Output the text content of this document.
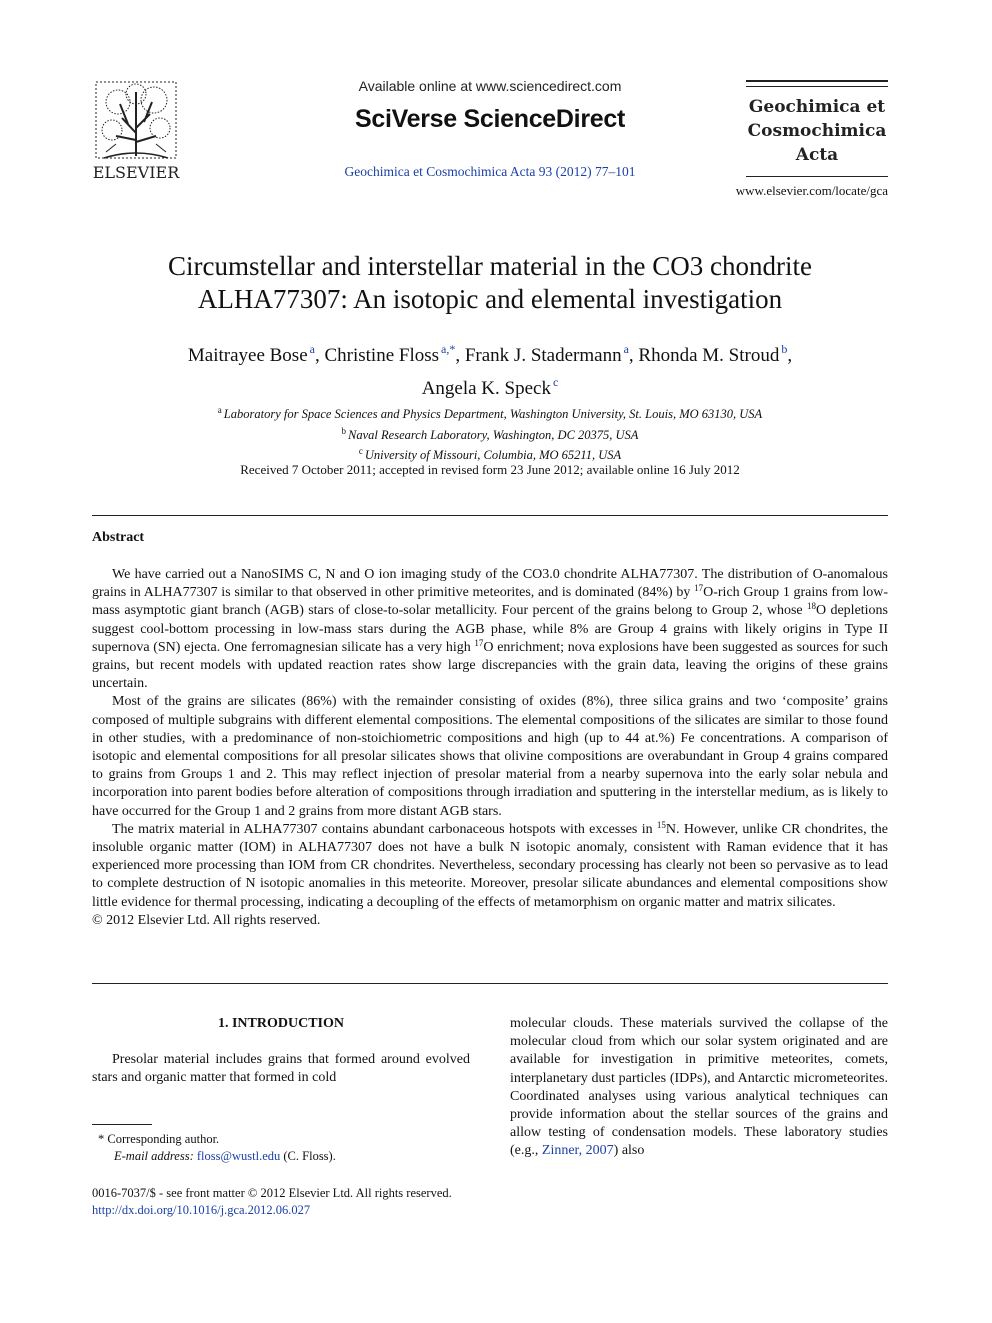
ELSEVIER
Available online at www.sciencedirect.com
SciVerse ScienceDirect
Geochimica et Cosmochimica Acta 93 (2012) 77–101
Geochimica et
Cosmochimica
Acta
www.elsevier.com/locate/gca
Circumstellar and interstellar material in the CO3 chondrite
ALHA77307: An isotopic and elemental investigation
Maitrayee Bose $^a$, Christine Floss $^{a,*}$, Frank J. Stadermann $^a$, Rhonda M. Stroud $^b$,
Angela K. Speck $^c$
$^a$ Laboratory for Space Sciences and Physics Department, Washington University, St. Louis, MO 63130, USA
$^b$ Naval Research Laboratory, Washington, DC 20375, USA
$^c$ University of Missouri, Columbia, MO 65211, USA
Received 7 October 2011; accepted in revised form 23 June 2012; available online 16 July 2012
Abstract

We have carried out a NanoSIMS C, N and O ion imaging study of the CO3.0 chondrite ALHA77307. The distribution of O-anomalous grains in ALHA77307 is similar to that observed in other primitive meteorites, and is dominated (84%) by $^{17}$O-rich Group 1 grains from low-mass asymptotic giant branch (AGB) stars of close-to-solar metallicity. Four percent of the grains belong to Group 2, whose $^{18}$O depletions suggest cool-bottom processing in low-mass stars during the AGB phase, while 8% are Group 4 grains with likely origins in Type II supernova (SN) ejecta. One ferromagnesian silicate has a very high $^{17}$O enrichment; nova explosions have been suggested as sources for such grains, but recent models with updated reaction rates show large discrepancies with the grain data, leaving the origins of these grains uncertain.

Most of the grains are silicates (86%) with the remainder consisting of oxides (8%), three silica grains and two ‘composite’ grains composed of multiple subgrains with different elemental compositions. The elemental compositions of the silicates are similar to those found in other studies, with a predominance of non-stoichiometric compositions and high (up to 44 at.%) Fe concentrations. A comparison of isotopic and elemental compositions for all presolar silicates shows that olivine compositions are overabundant in Group 4 grains compared to grains from Groups 1 and 2. This may reflect injection of presolar material from a nearby supernova into the early solar nebula and incorporation into parent bodies before alteration of compositions through irradiation and sputtering in the interstellar medium, as is likely to have occurred for the Group 1 and 2 grains from more distant AGB stars.

The matrix material in ALHA77307 contains abundant carbonaceous hotspots with excesses in $^{15}$N. However, unlike CR chondrites, the insoluble organic matter (IOM) in ALHA77307 does not have a bulk N isotopic anomaly, consistent with Raman evidence that it has experienced more processing than IOM from CR chondrites. Nevertheless, secondary processing has clearly not been so pervasive as to lead to complete destruction of N isotopic anomalies in this meteorite. Moreover, presolar silicate abundances and elemental compositions show little evidence for thermal processing, indicating a decoupling of the effects of metamorphism on organic matter and matrix silicates.

© 2012 Elsevier Ltd. All rights reserved.

1. INTRODUCTION
Presolar material includes grains that formed around evolved stars and organic matter that formed in cold
molecular clouds. These materials survived the collapse of the molecular cloud from which our solar system originated and are available for investigation in primitive meteorites, comets, interplanetary dust particles (IDPs), and Antarctic micrometeorites. Coordinated analyses using various analytical techniques can provide information about the stellar sources of the grains and allow testing of condensation models. These laboratory studies (e.g., Zinner, 2007) also
* Corresponding author.
E-mail address: floss@wustl.edu (C. Floss).
0016-7037/$ - see front matter © 2012 Elsevier Ltd. All rights reserved.
http://dx.doi.org/10.1016/j.gca.2012.06.027
